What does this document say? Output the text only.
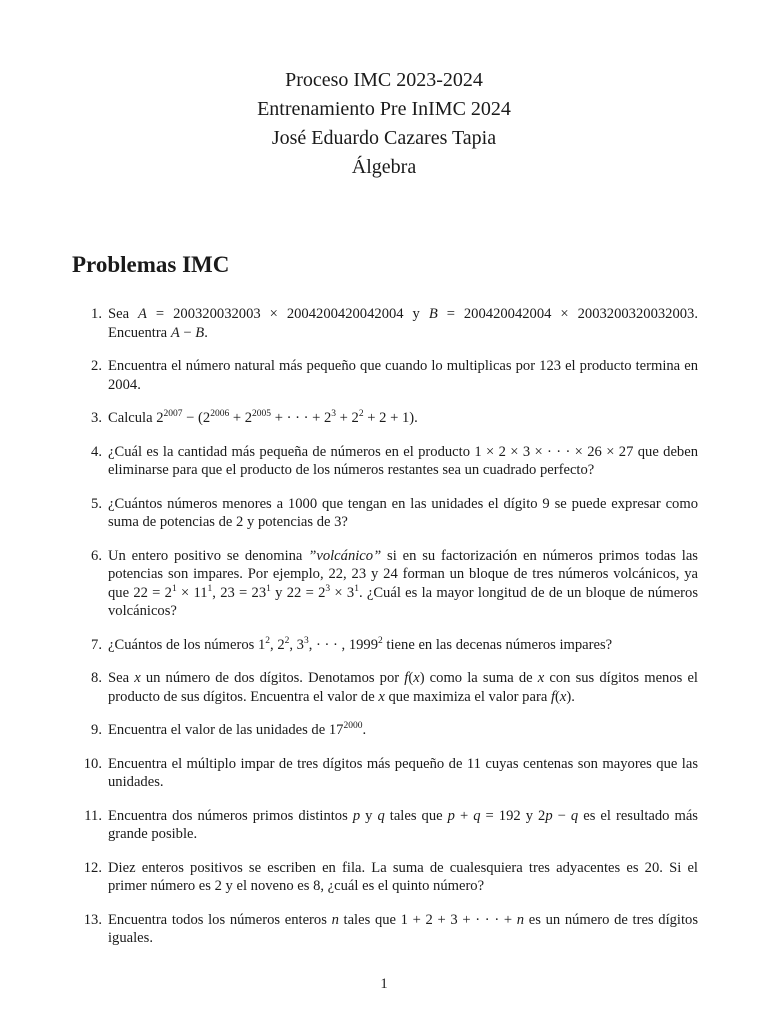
Proceso IMC 2023-2024
Entrenamiento Pre InIMC 2024
José Eduardo Cazares Tapia
Álgebra
Problemas IMC
1. Sea A = 200320032003 × 2004200420042004 y B = 200420042004 × 2003200320032003. Encuentra A − B.
2. Encuentra el número natural más pequeño que cuando lo multiplicas por 123 el producto termina en 2004.
3. Calcula $2^{2007} - (2^{2006} + 2^{2005}$ + · · · + $2^3 + 2^2 + 2 + 1$).
4. ¿Cuál es la cantidad más pequeña de números en el producto 1 × 2 × 3 × · · · × 26 × 27 que deben eliminarse para que el producto de los números restantes sea un cuadrado perfecto?
5. ¿Cuántos números menores a 1000 que tengan en las unidades el dígito 9 se puede expresar como suma de potencias de 2 y potencias de 3?
6. Un entero positivo se denomina ”volcánico” si en su factorización en números primos todas las potencias son impares. Por ejemplo, 22, 23 y 24 forman un bloque de tres números volcánicos, ya que $22 = 2^1 \times 11^1$, $23 = 23^1$ y $22 = 2^3 \times 3^1$. ¿Cuál es la mayor longitud de de un bloque de números volcánicos?
7. ¿Cuántos de los números $1^2$, $2^2$, $3^3$, · · · , 1999$^2$ tiene en las decenas números impares?
8. Sea x un número de dos dígitos. Denotamos por f(x) como la suma de x con sus dígitos menos el producto de sus dígitos. Encuentra el valor de x que maximiza el valor para f(x).
9. Encuentra el valor de las unidades de $17^{2000}$.
10. Encuentra el múltiplo impar de tres dígitos más pequeño de 11 cuyas centenas son mayores que las unidades.
11. Encuentra dos números primos distintos p y q tales que p + q = 192 y 2p − q es el resultado más grande posible.
12. Diez enteros positivos se escriben en fila. La suma de cualesquiera tres adyacentes es 20. Si el primer número es 2 y el noveno es 8, ¿cuál es el quinto número?
13. Encuentra todos los números enteros n tales que 1 + 2 + 3 + · · · + n es un número de tres dígitos iguales.
1
